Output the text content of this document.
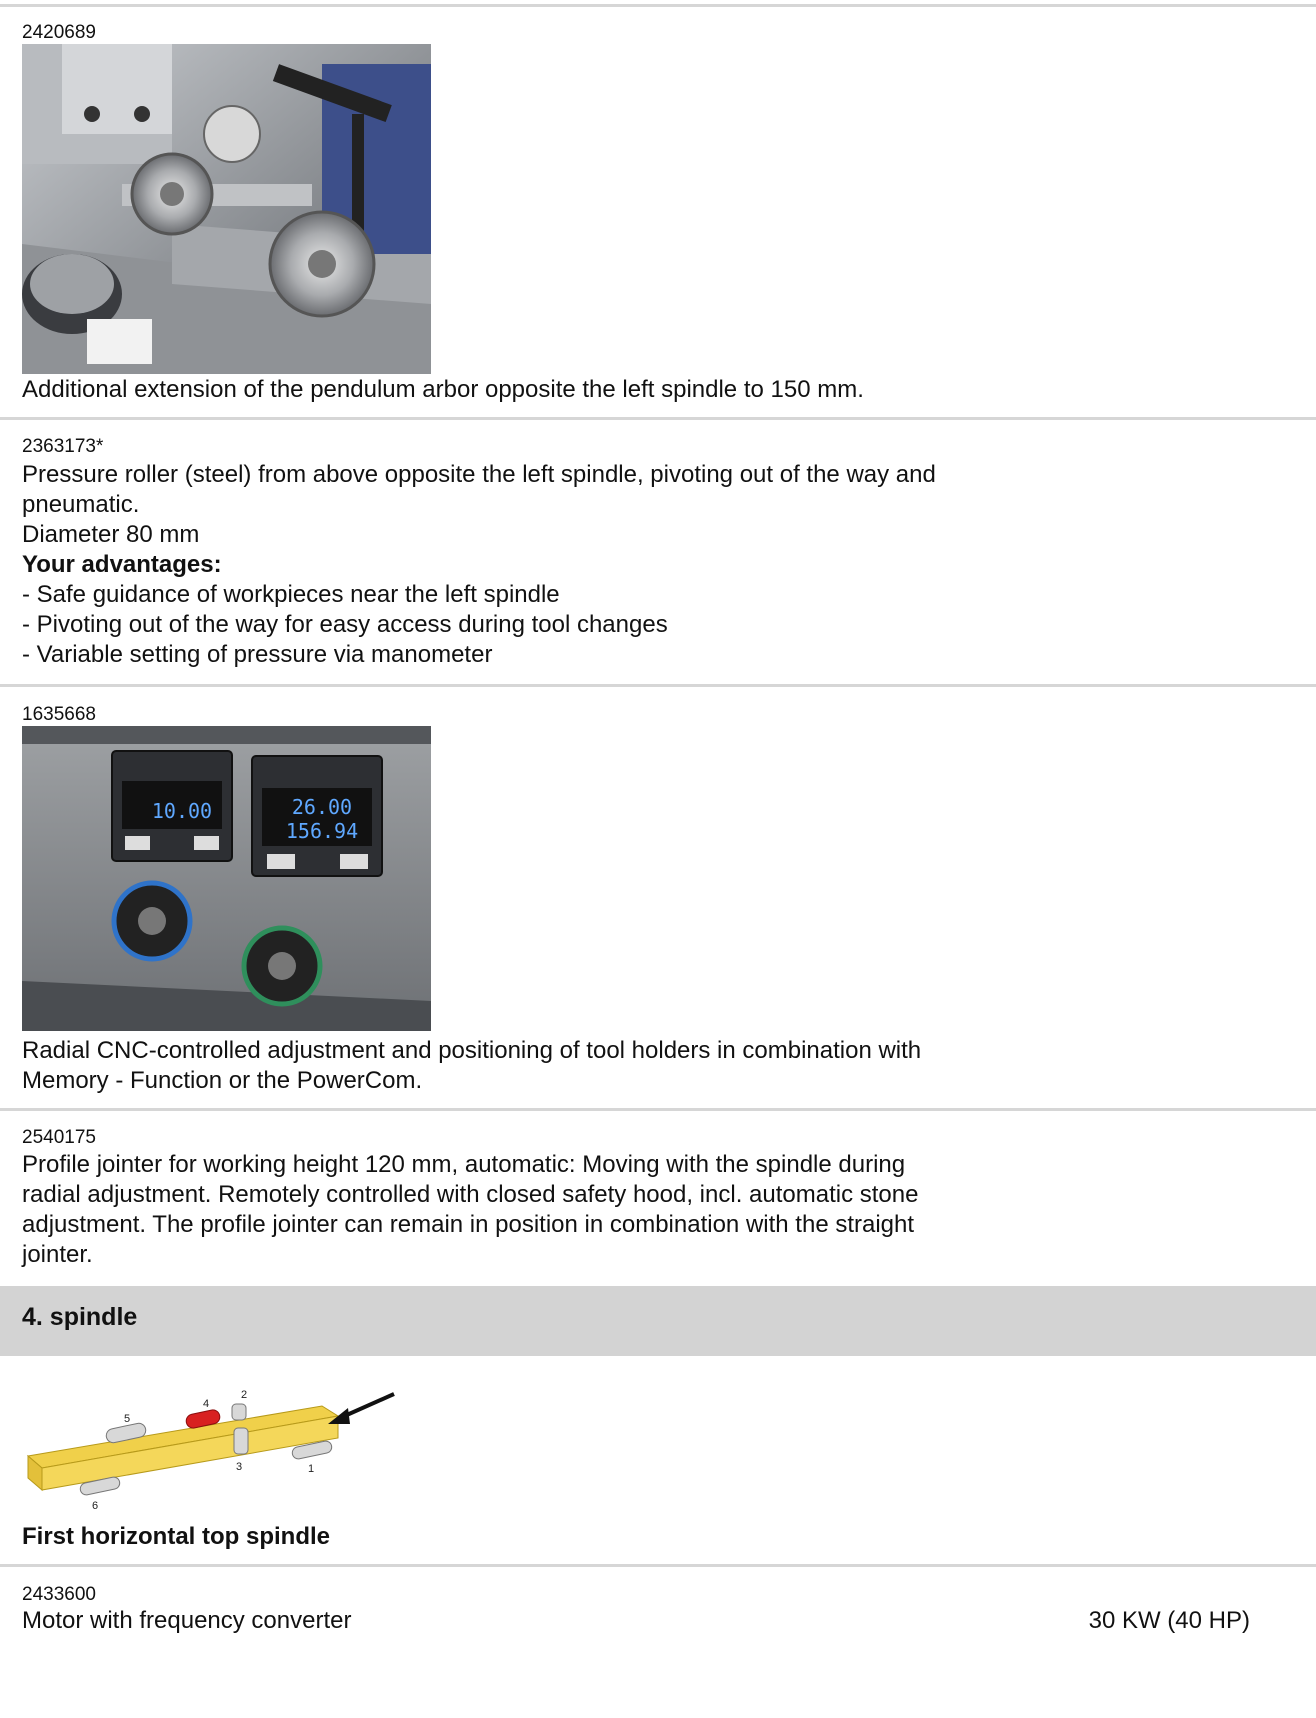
2420689
Additional extension of the pendulum arbor opposite the left spindle to 150 mm.
2363173*
Pressure roller (steel) from above opposite the left spindle, pivoting out of the way and
pneumatic.
Diameter 80 mm
Your advantages:
- Safe guidance of workpieces near the left spindle
- Pivoting out of the way for easy access during tool changes
- Variable setting of pressure via manometer
1635668
10.00	26.00
156.94
Radial CNC-controlled adjustment and positioning of tool holders in combination with
Memory - Function or the PowerCom.
2540175
Profile jointer for working height 120 mm, automatic: Moving with the spindle during
radial adjustment. Remotely controlled with closed safety hood, incl. automatic stone
adjustment. The profile jointer can remain in position in combination with the straight
jointer.
4. spindle
1
2
3
4
5
6
First horizontal top spindle
2433600
Motor with frequency converter	30 KW (40 HP)
